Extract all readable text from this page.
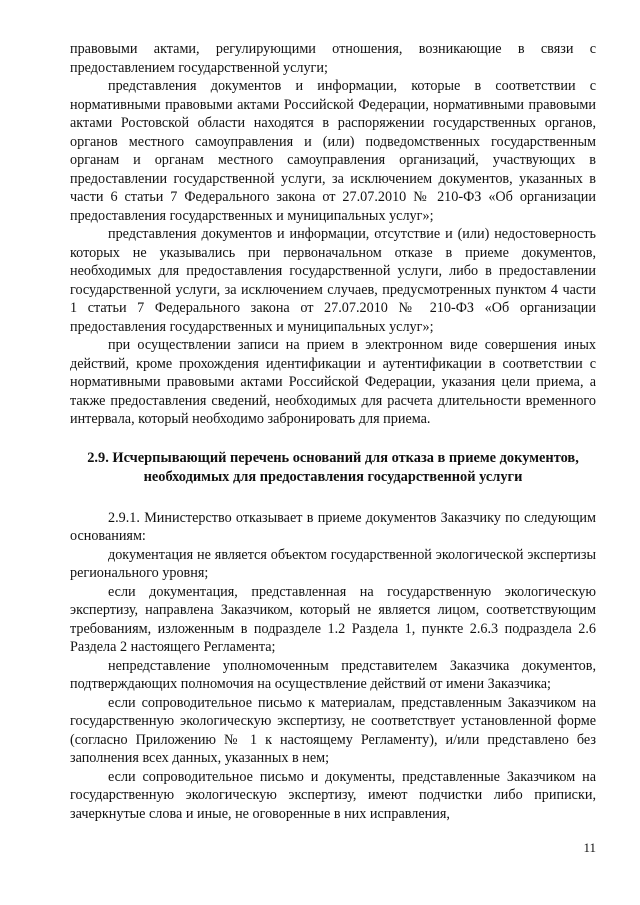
правовыми актами, регулирующими отношения, возникающие в связи с предоставлением государственной услуги;

представления документов и информации, которые в соответствии с нормативными правовыми актами Российской Федерации, нормативными правовыми актами Ростовской области находятся в распоряжении государственных органов, органов местного самоуправления и (или) подведомственных государственным органам и органам местного самоуправления организаций, участвующих в предоставлении государственной услуги, за исключением документов, указанных в части 6 статьи 7 Федерального закона от 27.07.2010 № 210-ФЗ «Об организации предоставления государственных и муниципальных услуг»;

представления документов и информации, отсутствие и (или) недостоверность которых не указывались при первоначальном отказе в приеме документов, необходимых для предоставления государственной услуги, либо в предоставлении государственной услуги, за исключением случаев, предусмотренных пунктом 4 части 1 статьи 7 Федерального закона от 27.07.2010 № 210-ФЗ «Об организации предоставления государственных и муниципальных услуг»;

при осуществлении записи на прием в электронном виде совершения иных действий, кроме прохождения идентификации и аутентификации в соответствии с нормативными правовыми актами Российской Федерации, указания цели приема, а также предоставления сведений, необходимых для расчета длительности временного интервала, который необходимо забронировать для приема.

2.9. Исчерпывающий перечень оснований для отказа в приеме документов, необходимых для предоставления государственной услуги

2.9.1. Министерство отказывает в приеме документов Заказчику по следующим основаниям:

документация не является объектом государственной экологической экспертизы регионального уровня;

если документация, представленная на государственную экологическую экспертизу, направлена Заказчиком, который не является лицом, соответствующим требованиям, изложенным в подразделе 1.2 Раздела 1, пункте 2.6.3 подраздела 2.6 Раздела 2 настоящего Регламента;

непредставление уполномоченным представителем Заказчика документов, подтверждающих полномочия на осуществление действий от имени Заказчика;

если сопроводительное письмо к материалам, представленным Заказчиком на государственную экологическую экспертизу, не соответствует установленной форме (согласно Приложению № 1 к настоящему Регламенту), и/или представлено без заполнения всех данных, указанных в нем;

если сопроводительное письмо и документы, представленные Заказчиком на государственную экологическую экспертизу, имеют подчистки либо приписки, зачеркнутые слова и иные, не оговоренные в них исправления,

11
